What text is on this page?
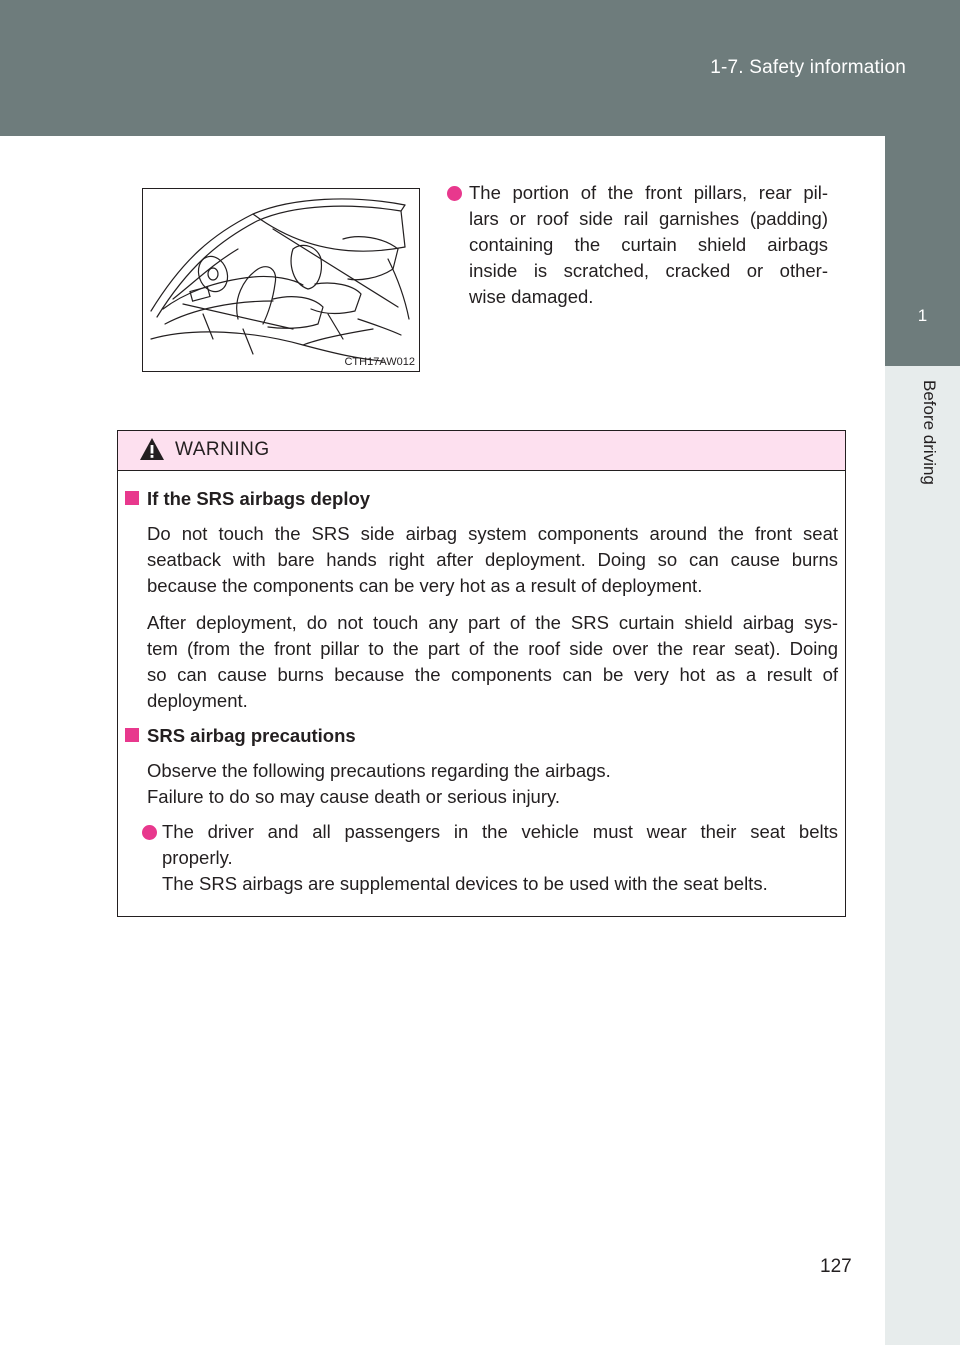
1-7. Safety information
1
Before driving
CTH17AW012
The portion of the front pillars, rear pil-
lars or roof side rail garnishes (padding)
containing the curtain shield airbags
inside is scratched, cracked or other-
wise damaged.
WARNING
If the SRS airbags deploy
Do not touch the SRS side airbag system components around the front seat
seatback with bare hands right after deployment. Doing so can cause burns
because the components can be very hot as a result of deployment.
After deployment, do not touch any part of the SRS curtain shield airbag sys-
tem (from the front pillar to the part of the roof side over the rear seat). Doing
so can cause burns because the components can be very hot as a result of
deployment.
SRS airbag precautions
Observe the following precautions regarding the airbags.
Failure to do so may cause death or serious injury.
The driver and all passengers in the vehicle must wear their seat belts
properly.
The SRS airbags are supplemental devices to be used with the seat belts.
127
